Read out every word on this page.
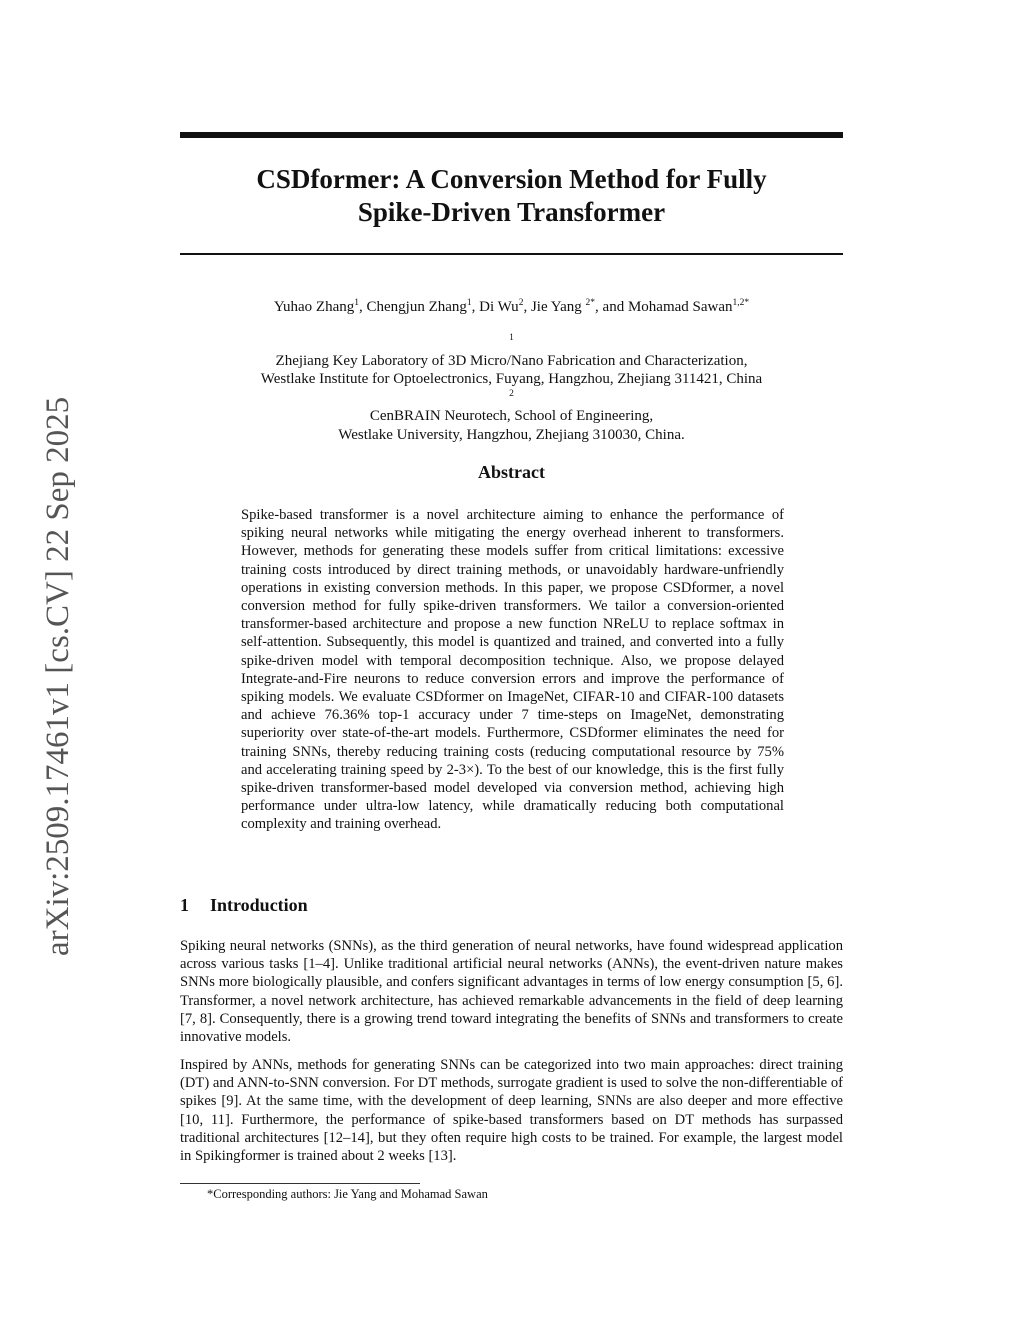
arXiv:2509.17461v1 [cs.CV] 22 Sep 2025
CSDformer: A Conversion Method for Fully
Spike-Driven Transformer
Yuhao Zhang$^1$, Chengjun Zhang$^1$, Di Wu$^2$, Jie Yang $^{2*}$, and Mohamad Sawan$^{1,2*}$
$^1$
Zhejiang Key Laboratory of 3D Micro/Nano Fabrication and Characterization,
Westlake Institute for Optoelectronics, Fuyang, Hangzhou, Zhejiang 311421, China
$^2$
CenBRAIN Neurotech, School of Engineering,
Westlake University, Hangzhou, Zhejiang 310030, China.
Abstract

Spike-based transformer is a novel architecture aiming to enhance the performance of spiking neural networks while mitigating the energy overhead inherent to transformers. However, methods for generating these models suffer from critical limitations: excessive training costs introduced by direct training methods, or unavoidably hardware-unfriendly operations in existing conversion methods. In this paper, we propose CSDformer, a novel conversion method for fully spike-driven transformers. We tailor a conversion-oriented transformer-based architecture and propose a new function NReLU to replace softmax in self-attention. Subsequently, this model is quantized and trained, and converted into a fully spike-driven model with temporal decomposition technique. Also, we propose delayed Integrate-and-Fire neurons to reduce conversion errors and improve the performance of spiking models. We evaluate CSDformer on ImageNet, CIFAR-10 and CIFAR-100 datasets and achieve 76.36% top-1 accuracy under 7 time-steps on ImageNet, demonstrating superiority over state-of-the-art models. Furthermore, CSDformer eliminates the need for training SNNs, thereby reducing training costs (reducing computational resource by 75% and accelerating training speed by 2-3×). To the best of our knowledge, this is the first fully spike-driven transformer-based model developed via conversion method, achieving high performance under ultra-low latency, while dramatically reducing both computational complexity and training overhead.

1 Introduction

Spiking neural networks (SNNs), as the third generation of neural networks, have found widespread application across various tasks [1–4]. Unlike traditional artificial neural networks (ANNs), the event-driven nature makes SNNs more biologically plausible, and confers significant advantages in terms of low energy consumption [5, 6]. Transformer, a novel network architecture, has achieved remarkable advancements in the field of deep learning [7, 8]. Consequently, there is a growing trend toward integrating the benefits of SNNs and transformers to create innovative models.

Inspired by ANNs, methods for generating SNNs can be categorized into two main approaches: direct training (DT) and ANN-to-SNN conversion. For DT methods, surrogate gradient is used to solve the non-differentiable of spikes [9]. At the same time, with the development of deep learning, SNNs are also deeper and more effective [10, 11]. Furthermore, the performance of spike-based transformers based on DT methods has surpassed traditional architectures [12–14], but they often require high costs to be trained. For example, the largest model in Spikingformer is trained about 2 weeks [13].

*Corresponding authors: Jie Yang and Mohamad Sawan
